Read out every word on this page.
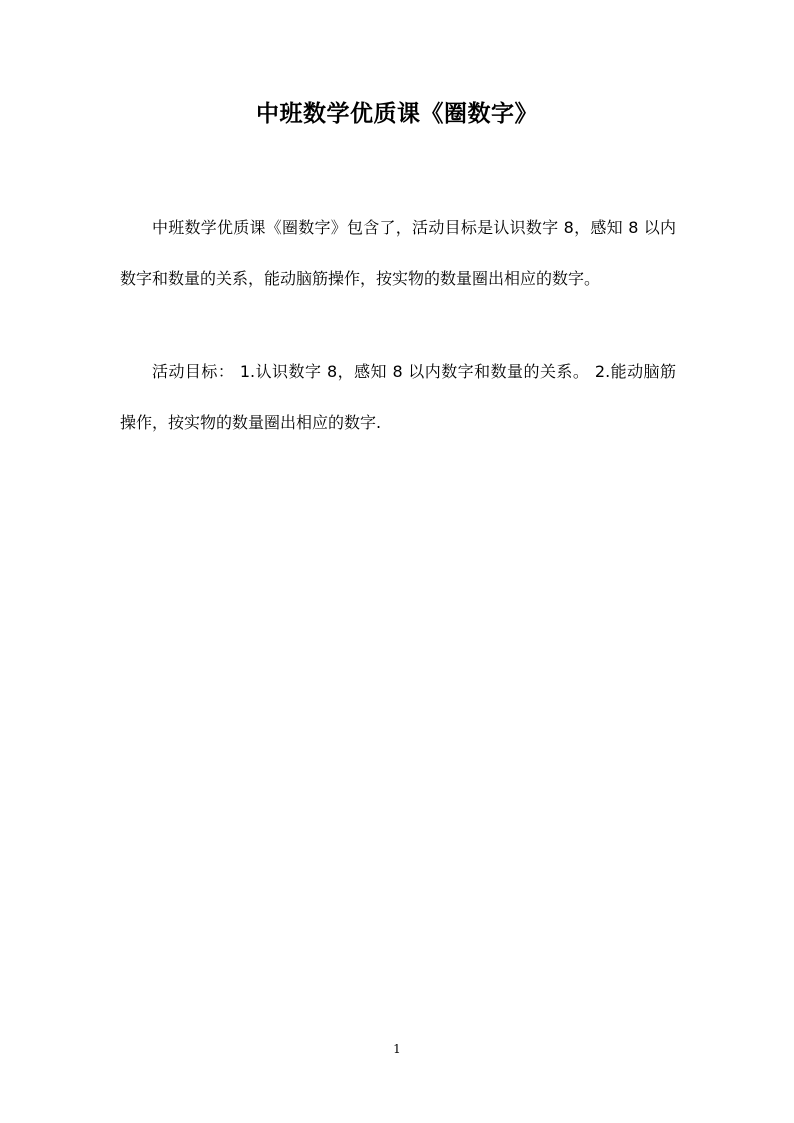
中班数学优质课《圈数字》

中班数学优质课《圈数字》包含了，活动目标是认识数字 8，感知 8 以内数字和数量的关系，能动脑筋操作，按实物的数量圈出相应的数字。

活动目标： 1.认识数字 8，感知 8 以内数字和数量的关系。 2.能动脑筋操作，按实物的数量圈出相应的数字.

1
